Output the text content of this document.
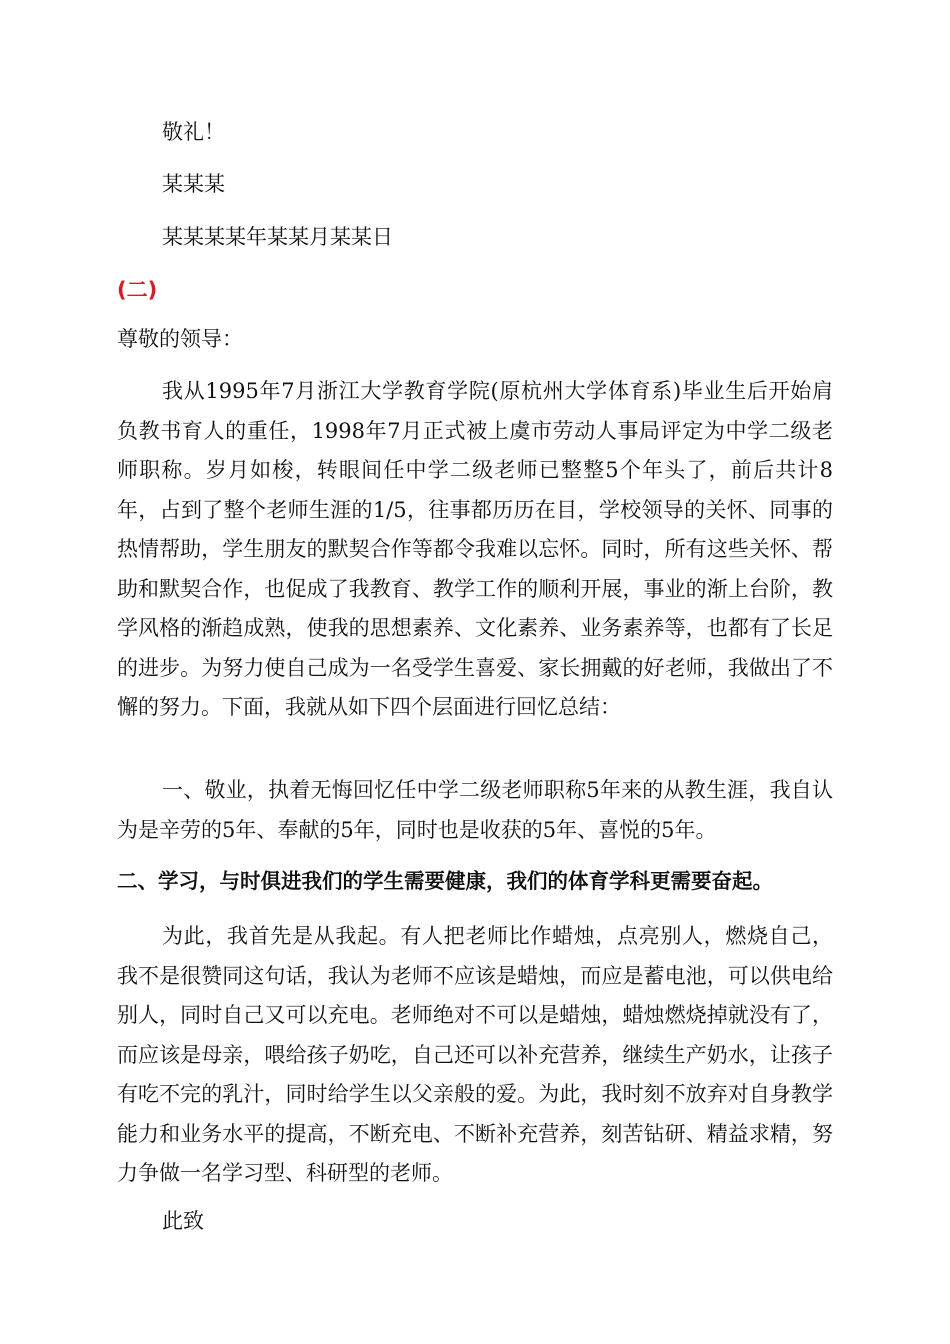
敬礼！
某某某
某某某某年某某月某某日
(二)
尊敬的领导：
我从1995年7月浙江大学教育学院(原杭州大学体育系)毕业生后开始肩负教书育人的重任，1998年7月正式被上虞市劳动人事局评定为中学二级老师职称。岁月如梭，转眼间任中学二级老师已整整5个年头了，前后共计8年，占到了整个老师生涯的1/5，往事都历历在目，学校领导的关怀、同事的热情帮助，学生朋友的默契合作等都令我难以忘怀。同时，所有这些关怀、帮助和默契合作，也促成了我教育、教学工作的顺利开展，事业的渐上台阶，教学风格的渐趋成熟，使我的思想素养、文化素养、业务素养等，也都有了长足的进步。为努力使自己成为一名受学生喜爱、家长拥戴的好老师，我做出了不懈的努力。下面，我就从如下四个层面进行回忆总结：
一、敬业，执着无悔回忆任中学二级老师职称5年来的从教生涯，我自认为是辛劳的5年、奉献的5年，同时也是收获的5年、喜悦的5年。
二、学习，与时俱进我们的学生需要健康，我们的体育学科更需要奋起。
为此，我首先是从我起。有人把老师比作蜡烛，点亮别人，燃烧自己，我不是很赞同这句话，我认为老师不应该是蜡烛，而应是蓄电池，可以供电给别人，同时自己又可以充电。老师绝对不可以是蜡烛，蜡烛燃烧掉就没有了，而应该是母亲，喂给孩子奶吃，自己还可以补充营养，继续生产奶水，让孩子有吃不完的乳汁，同时给学生以父亲般的爱。为此，我时刻不放弃对自身教学能力和业务水平的提高，不断充电、不断补充营养，刻苦钻研、精益求精，努力争做一名学习型、科研型的老师。
此致
